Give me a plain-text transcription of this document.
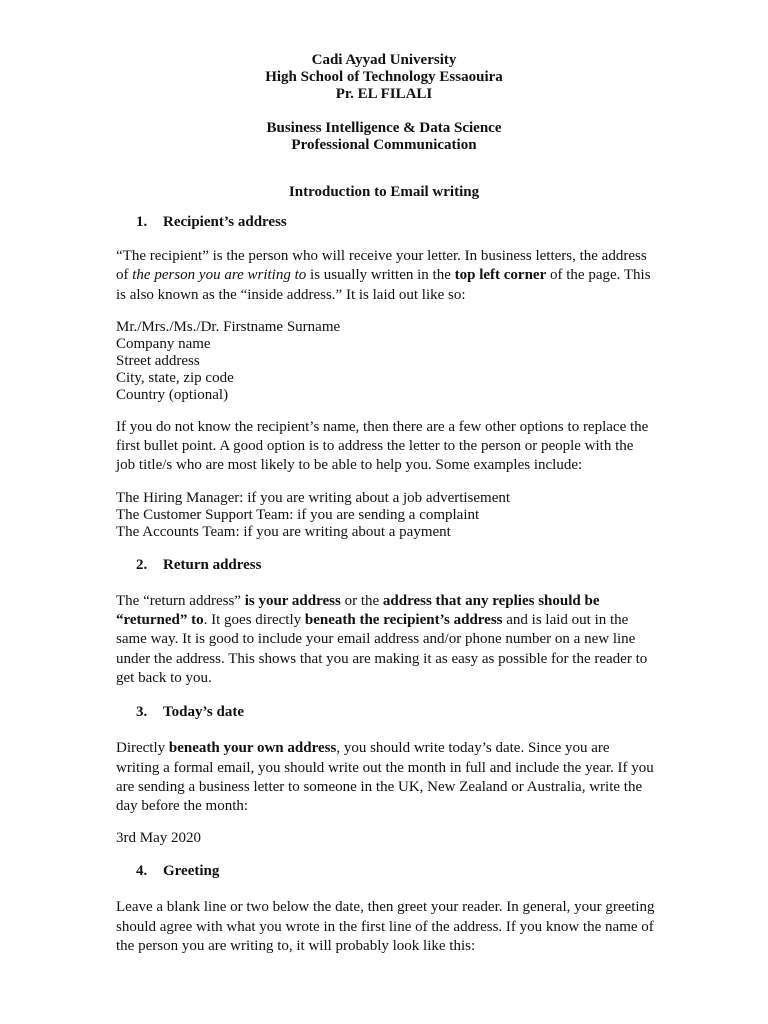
Cadi Ayyad University
High School of Technology Essaouira
Pr. EL FILALI
Business Intelligence & Data Science
Professional Communication
Introduction to Email writing
1.	Recipient’s address

“The recipient” is the person who will receive your letter. In business letters, the address of the person you are writing to is usually written in the top left corner of the page. This is also known as the “inside address.” It is laid out like so:

Mr./Mrs./Ms./Dr. Firstname Surname
Company name
Street address
City, state, zip code
Country (optional)

If you do not know the recipient’s name, then there are a few other options to replace the first bullet point. A good option is to address the letter to the person or people with the job title/s who are most likely to be able to help you. Some examples include:

The Hiring Manager: if you are writing about a job advertisement
The Customer Support Team: if you are sending a complaint
The Accounts Team: if you are writing about a payment
2.	Return address

The “return address” is your address or the address that any replies should be “returned” to. It goes directly beneath the recipient’s address and is laid out in the same way. It is good to include your email address and/or phone number on a new line under the address. This shows that you are making it as easy as possible for the reader to get back to you.

3.	Today’s date

Directly beneath your own address, you should write today’s date. Since you are writing a formal email, you should write out the month in full and include the year. If you are sending a business letter to someone in the UK, New Zealand or Australia, write the day before the month:

3rd May 2020
4.	Greeting

Leave a blank line or two below the date, then greet your reader. In general, your greeting should agree with what you wrote in the first line of the address. If you know the name of the person you are writing to, it will probably look like this:
